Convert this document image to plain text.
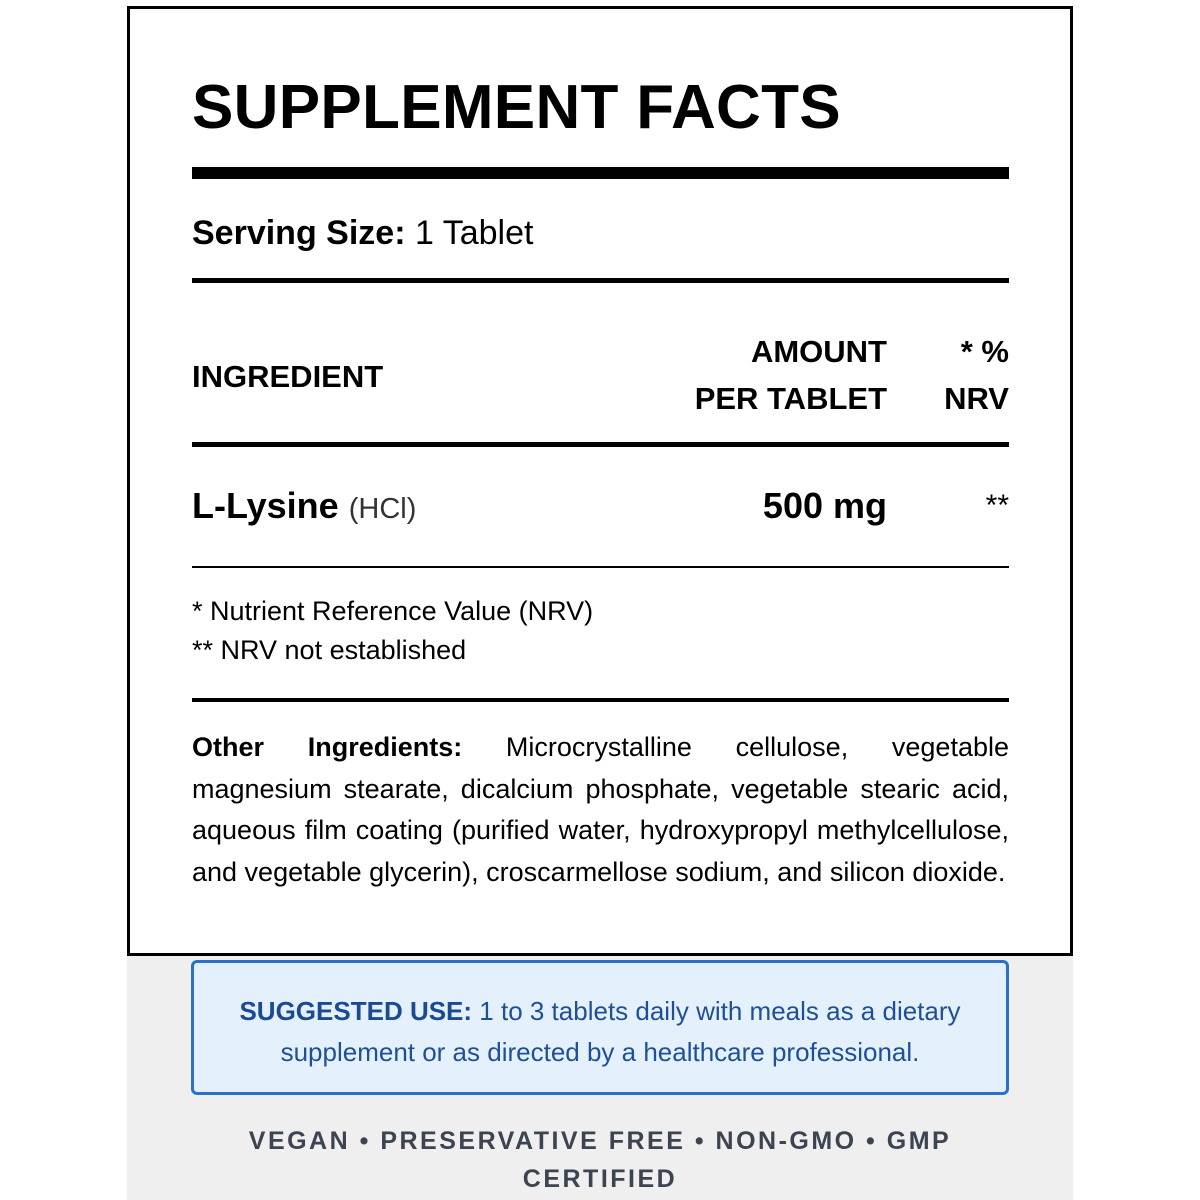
SUPPLEMENT FACTS
Serving Size: 1 Tablet
INGREDIENT
AMOUNT
PER TABLET
* %
NRV
L-Lysine (HCl)	500 mg	**
* Nutrient Reference Value (NRV)
** NRV not established
Other Ingredients: Microcrystalline cellulose, vegetable magnesium stearate, dicalcium phosphate, vegetable stearic acid, aqueous film coating (purified water, hydroxypropyl methylcellulose, and vegetable glycerin), croscarmellose sodium, and silicon dioxide.
SUGGESTED USE: 1 to 3 tablets daily with meals as a dietary supplement or as directed by a healthcare professional.
VEGAN • PRESERVATIVE FREE • NON-GMO • GMP CERTIFIED
